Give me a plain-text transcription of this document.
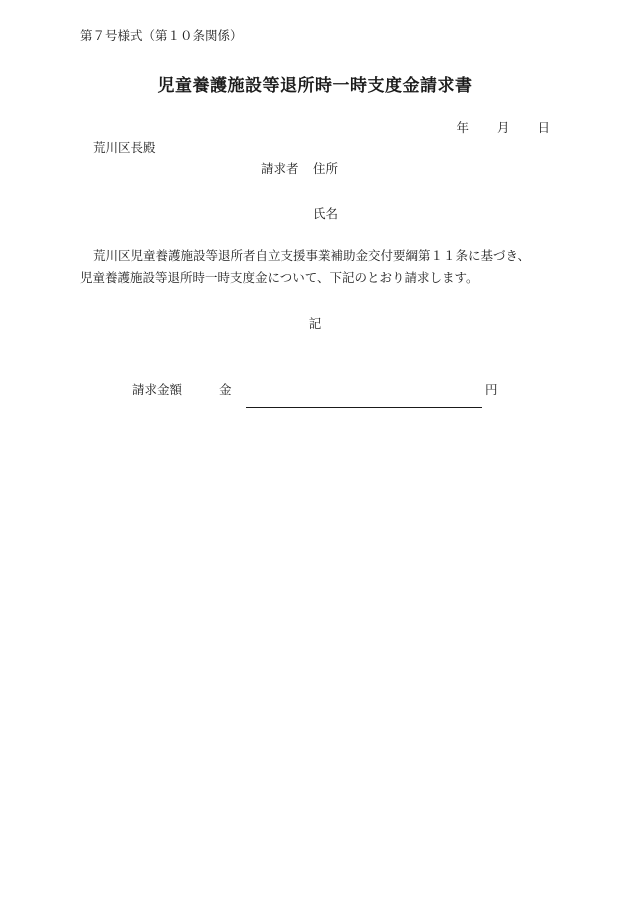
第７号様式（第１０条関係）
児童養護施設等退所時一時支度金請求書
年 月 日
荒川区長殿
請求者 住所
氏名
荒川区児童養護施設等退所者自立支援事業補助金交付要綱第１１条に基づき、
児童養護施設等退所時一時支度金について、下記のとおり請求します。
記
請求金額	金	円
